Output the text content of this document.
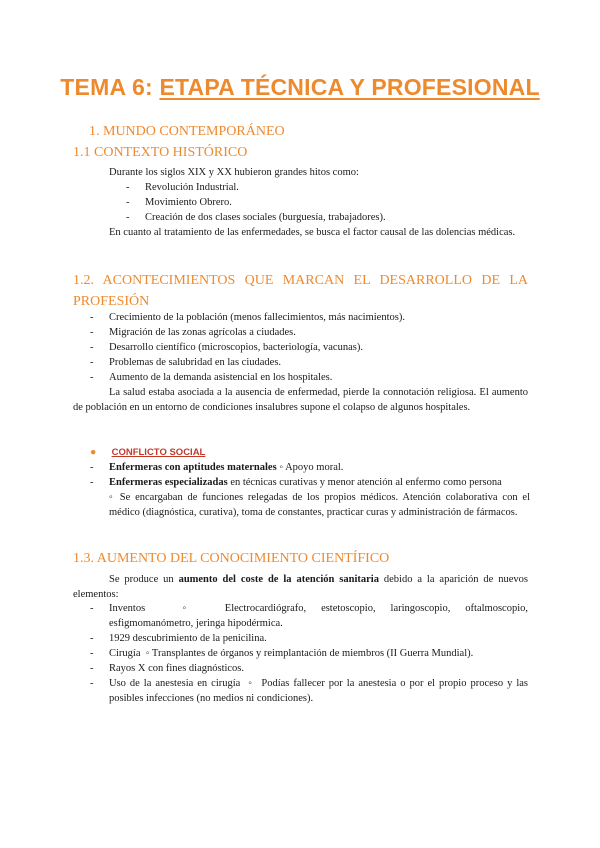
TEMA 6: ETAPA TÉCNICA Y PROFESIONAL
1. MUNDO CONTEMPORÁNEO
1.1 CONTEXTO HISTÓRICO

Durante los siglos XIX y XX hubieron grandes hitos como:

- Revolución Industrial.
- Movimiento Obrero.
- Creación de dos clases sociales (burguesía, trabajadores).

En cuanto al tratamiento de las enfermedades, se busca el factor causal de las dolencias médicas.

1.2. ACONTECIMIENTOS QUE MARCAN EL DESARROLLO DE LA PROFESIÓN
- Crecimiento de la población (menos fallecimientos, más nacimientos).
- Migración de las zonas agrícolas a ciudades.
- Desarrollo científico (microscopios, bacteriología, vacunas).
- Problemas de salubridad en las ciudades.
- Aumento de la demanda asistencial en los hospitales.

La salud estaba asociada a la ausencia de enfermedad, pierde la connotación religiosa. El aumento de población en un entorno de condiciones insalubres supone el colapso de algunos hospitales.

● CONFLICTO SOCIAL
- Enfermeras con aptitudes maternales ◦ Apoyo moral.
- Enfermeras especializadas en técnicas curativas y menor atención al enfermo como persona
◦ Se encargaban de funciones relegadas de los propios médicos. Atención colaborativa con el médico (diagnóstica, curativa), toma de constantes, practicar curas y administración de fármacos.
1.3. AUMENTO DEL CONOCIMIENTO CIENTÍFICO

Se produce un aumento del coste de la atención sanitaria debido a la aparición de nuevos elementos:

- Inventos          ◦          Electrocardiógrafo,    estetoscopio,    laringoscopio,    oftalmoscopio, esfigmomanómetro, jeringa hipodérmica.
- 1929 descubrimiento de la penicilina.
- Cirugía  ◦ Transplantes de órganos y reimplantación de miembros (II Guerra Mundial).
- Rayos X con fines diagnósticos.
- Uso de la anestesia en cirugía  ◦  Podías fallecer por la anestesia o por el propio proceso y las posibles infecciones (no medios ni condiciones).
